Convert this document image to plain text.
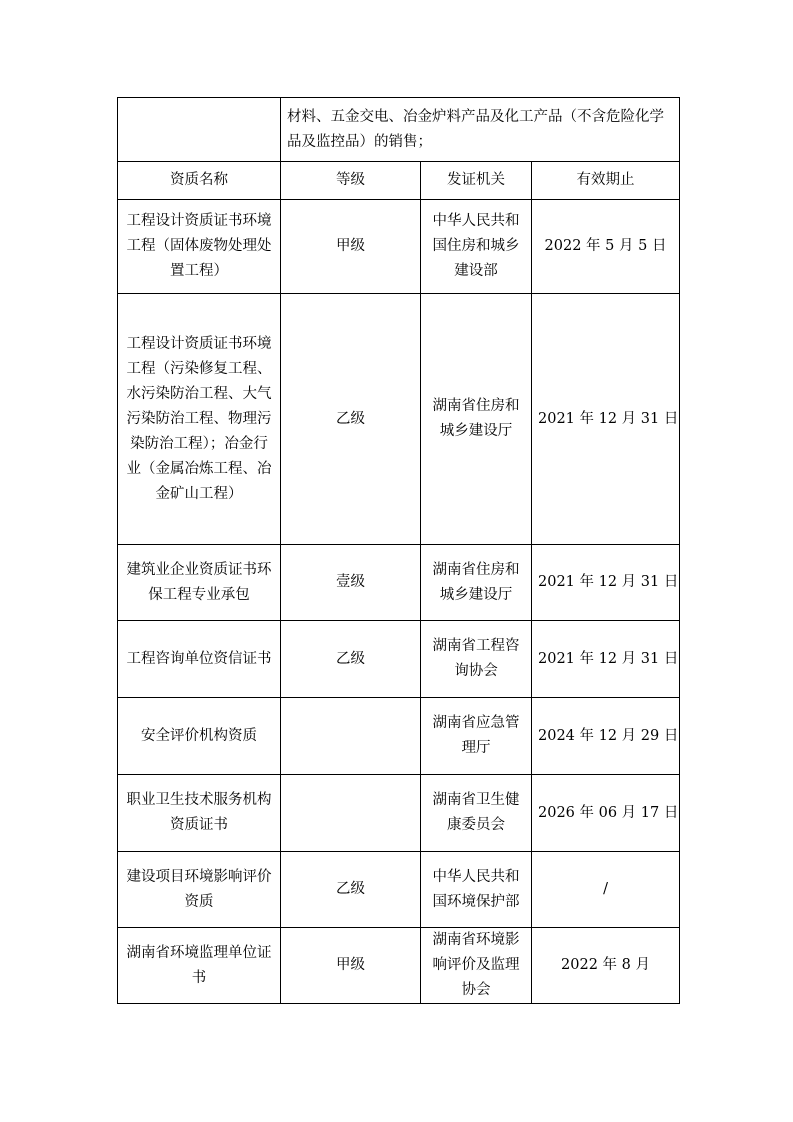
	材料、五金交电、冶金炉料产品及化工产品（不含危险化学品及监控品）的销售；		

资质名称	等级	发证机关	有效期止

工程设计资质证书环境工程（固体废物处理处置工程）	甲级	中华人民共和国住房和城乡建设部	2022 年 5 月 5 日

工程设计资质证书环境工程（污染修复工程、水污染防治工程、大气污染防治工程、物理污染防治工程）；冶金行业（金属冶炼工程、冶金矿山工程）	乙级	湖南省住房和城乡建设厅	2021 年 12 月 31 日

建筑业企业资质证书环保工程专业承包	壹级	湖南省住房和城乡建设厅	2021 年 12 月 31 日

工程咨询单位资信证书	乙级	湖南省工程咨询协会	2021 年 12 月 31 日

安全评价机构资质		湖南省应急管理厅	2024 年 12 月 29 日

职业卫生技术服务机构资质证书		湖南省卫生健康委员会	2026 年 06 月 17 日

建设项目环境影响评价资质	乙级	中华人民共和国环境保护部	/

湖南省环境监理单位证书	甲级	湖南省环境影响评价及监理协会	2022 年 8 月
